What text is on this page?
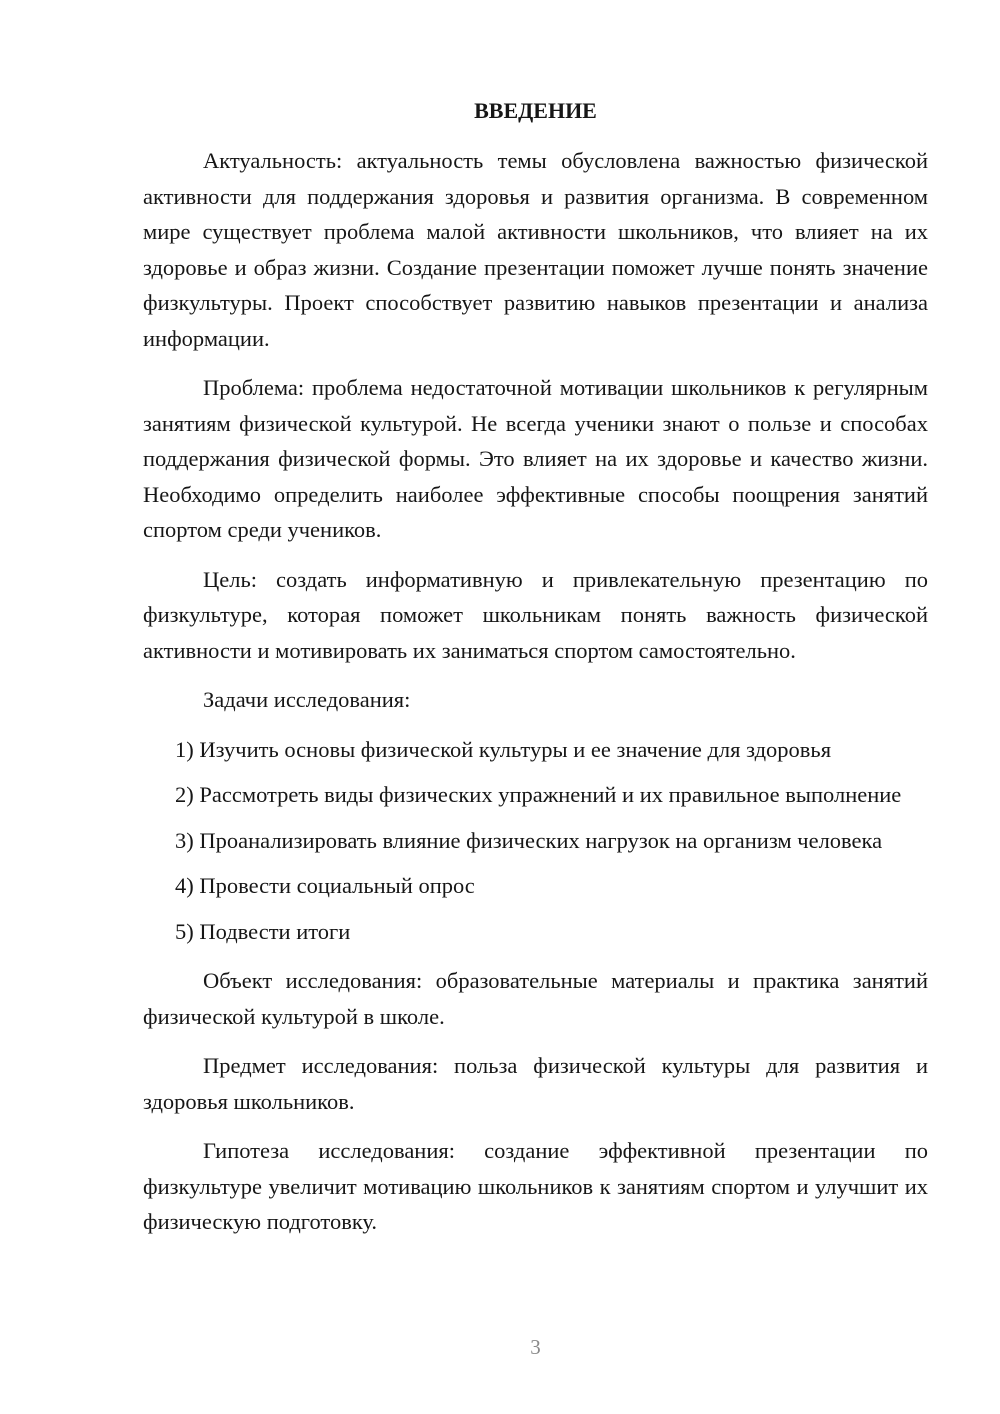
ВВЕДЕНИЕ

Актуальность: актуальность темы обусловлена важностью физической активности для поддержания здоровья и развития организма. В современном мире существует проблема малой активности школьников, что влияет на их здоровье и образ жизни. Создание презентации поможет лучше понять значение физкультуры. Проект способствует развитию навыков презентации и анализа информации.

Проблема: проблема недостаточной мотивации школьников к регулярным занятиям физической культурой. Не всегда ученики знают о пользе и способах поддержания физической формы. Это влияет на их здоровье и качество жизни. Необходимо определить наиболее эффективные способы поощрения занятий спортом среди учеников.

Цель: создать информативную и привлекательную презентацию по физкультуре, которая поможет школьникам понять важность физической активности и мотивировать их заниматься спортом самостоятельно.

Задачи исследования:

1) Изучить основы физической культуры и ее значение для здоровья

2) Рассмотреть виды физических упражнений и их правильное выполнение

3) Проанализировать влияние физических нагрузок на организм человека

4) Провести социальный опрос

5) Подвести итоги

Объект исследования: образовательные материалы и практика занятий физической культурой в школе.

Предмет исследования: польза физической культуры для развития и здоровья школьников.

Гипотеза исследования: создание эффективной презентации по физкультуре увеличит мотивацию школьников к занятиям спортом и улучшит их физическую подготовку.

3
